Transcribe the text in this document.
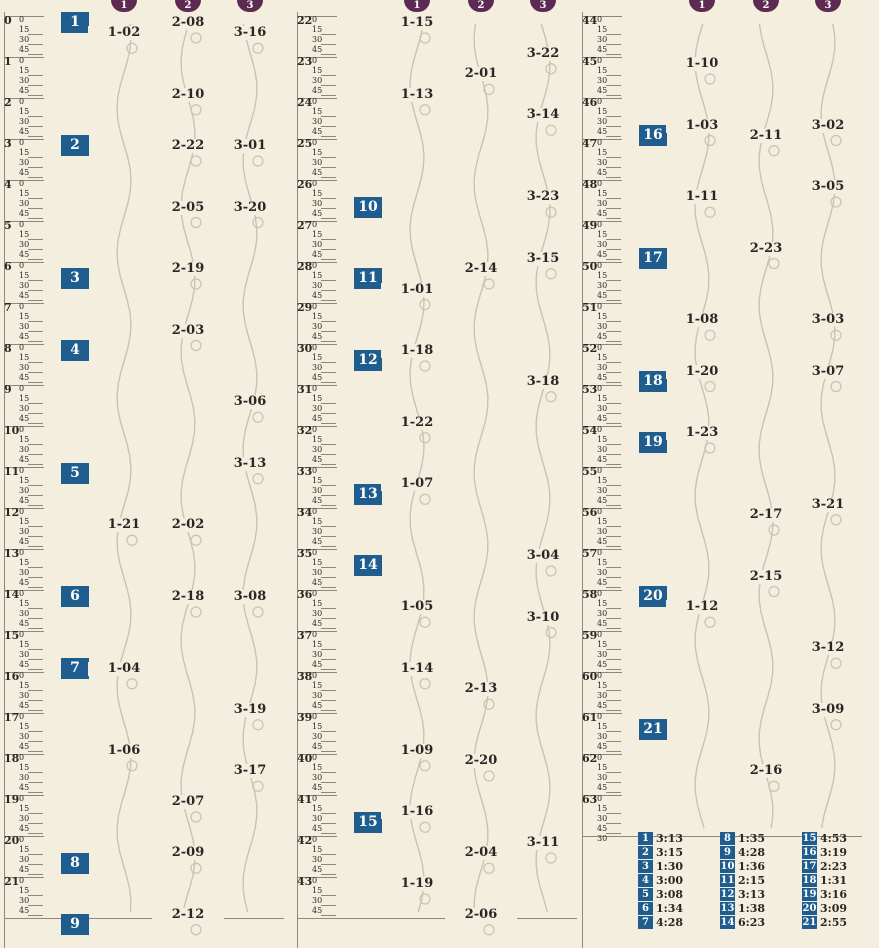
1	2	3
0 0
15
30
45
1 0
15
30
45
2 0
15
30
45
3 0
15
30
45
4 0
15
30
45
5 0
15
30
45
6 0
15
30
45
7 0
15
30
45
8 0
15
30
45
9 0
15
30
45
10 0
15
30
45
11 0
15
30
45
12 0
15
30
45
13 0
15
30
45
14 0
15
30
45
15 0
15
30
45
16 0
15
30
45
17 0
15
30
45
18 0
15
30
45
19 0
15
30
45
20 0
15
30
45
21 0
15
30
45
1
2
3
4
5
6
7
8
9
1-02
1-21
1-04
1-06
2-08
2-10
2-22
2-05
2-19
2-03
2-02
2-18
2-07
2-09
2-12
3-16
3-01
3-20
3-06
3-13
3-08
3-19
3-17
1	2	3
22 0
15
30
45
23 0
15
30
45
24 0
15
30
45
25 0
15
30
45
26 0
15
30
45
27 0
15
30
45
28 0
15
30
45
29 0
15
30
45
30 0
15
30
45
31 0
15
30
45
32 0
15
30
45
33 0
15
30
45
34 0
15
30
45
35 0
15
30
45
36 0
15
30
45
37 0
15
30
45
38 0
15
30
45
39 0
15
30
45
40 0
15
30
45
41 0
15
30
45
42 0
15
30
45
43 0
15
30
45
10
11
12
13
14
15
1-15
1-13
1-01
1-18
1-22
1-07
1-05
1-14
1-09
1-16
1-19
2-01
2-14
2-13
2-20
2-04
2-06
3-22
3-14
3-23
3-15
3-18
3-04
3-10
3-11
1	2	3
44 0
15
30
45
45 0
15
30
45
46 0
15
30
45
47 0
15
30
45
48 0
15
30
45
49 0
15
30
45
50 0
15
30
45
51 0
15
30
45
52 0
15
30
45
53 0
15
30
45
54 0
15
30
45
55 0
15
30
45
56 0
15
30
45
57 0
15
30
45
58 0
15
30
45
59 0
15
30
45
60 0
15
30
45
61 0
15
30
45
62 0
15
30
45
63 0
15
30
45
30
16
17
18
19
20
21
1-10
1-03
1-11
1-08
1-20
1-23
1-12
2-11
2-23
2-17
2-15
2-16
3-02
3-05
3-03
3-07
3-21
3-12
3-09
1 3:13
2 3:15
3 1:30
4 3:00
5 3:08
6 1:34
7 4:28
8 1:35
9 4:28
10 1:36
11 2:15
12 3:13
13 1:38
14 6:23
15 4:53
16 3:19
17 2:23
18 1:31
19 3:16
20 3:09
21 2:55
